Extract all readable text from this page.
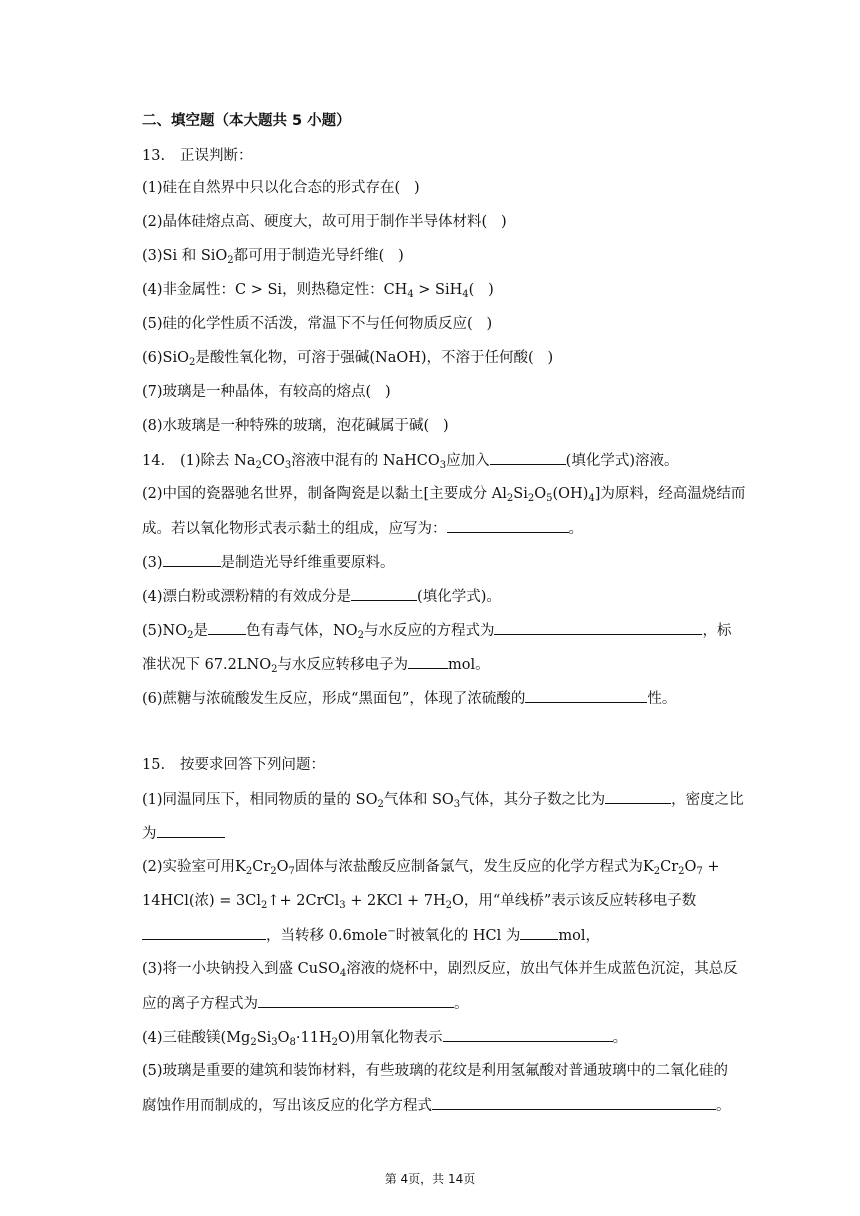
二、填空题（本大题共 5 小题）
13. 正误判断：
(1)硅在自然界中只以化合态的形式存在( )
(2)晶体硅熔点高、硬度大，故可用于制作半导体材料( )
(3)Si 和 SiO$_2$都可用于制造光导纤维( )
(4)非金属性：C > Si，则热稳定性：$CH_4 > SiH_4$( )
(5)硅的化学性质不活泼，常温下不与任何物质反应( )
(6)SiO$_2$是酸性氧化物，可溶于强碱(NaOH)，不溶于任何酸( )
(7)玻璃是一种晶体，有较高的熔点( )
(8)水玻璃是一种特殊的玻璃，泡花碱属于碱( )
14. (1)除去 $Na_2CO_3$溶液中混有的 NaHCO$_3$应加入	(填化学式)溶液。
(2)中国的瓷器驰名世界，制备陶瓷是以黏土[主要成分 $Al_2Si_2O_5(OH)_4$]为原料，经高温烧结而
成。若以氧化物形式表示黏土的组成，应写为：	。
(3)	是制造光导纤维重要原料。
(4)漂白粉或漂粉精的有效成分是	(填化学式)。
$(5)NO_2$是	色有毒气体，$NO_2$与水反应的方程式为	，标
准状况下 $67.2LNO_2$与水反应转移电子为	mol。
(6)蔗糖与浓硫酸发生反应，形成“黑面包”，体现了浓硫酸的	性。
15. 按要求回答下列问题：
(1)同温同压下，相同物质的量的 $SO_2$气体和 $SO_3$气体，其分子数之比为	，密度之比
为
(2)实验室可用$K_2Cr_2O_7$固体与浓盐酸反应制备氯气，发生反应的化学方程式为$K_2Cr_2O_7$ +
14HCl(浓) = $3Cl_2↑+$ 2CrCl$_3$ + $2KCl + 7H_2O$，用“单线桥”表示该反应转移电子数
，当转移 0.6mole−时被氧化的 HCl 为	mol，
(3)将一小块钠投入到盛 CuSO$_4$溶液的烧杯中，剧烈反应，放出气体并生成蓝色沉淀，其总反
应的离子方程式为	。
(4)三硅酸镁$(Mg_2Si_3O_8\cdot 11H_2O)$用氧化物表示	。
(5)玻璃是重要的建筑和装饰材料，有些玻璃的花纹是利用氢氟酸对普通玻璃中的二氧化硅的
腐蚀作用而制成的，写出该反应的化学方程式	。
第 4页，共 14页
